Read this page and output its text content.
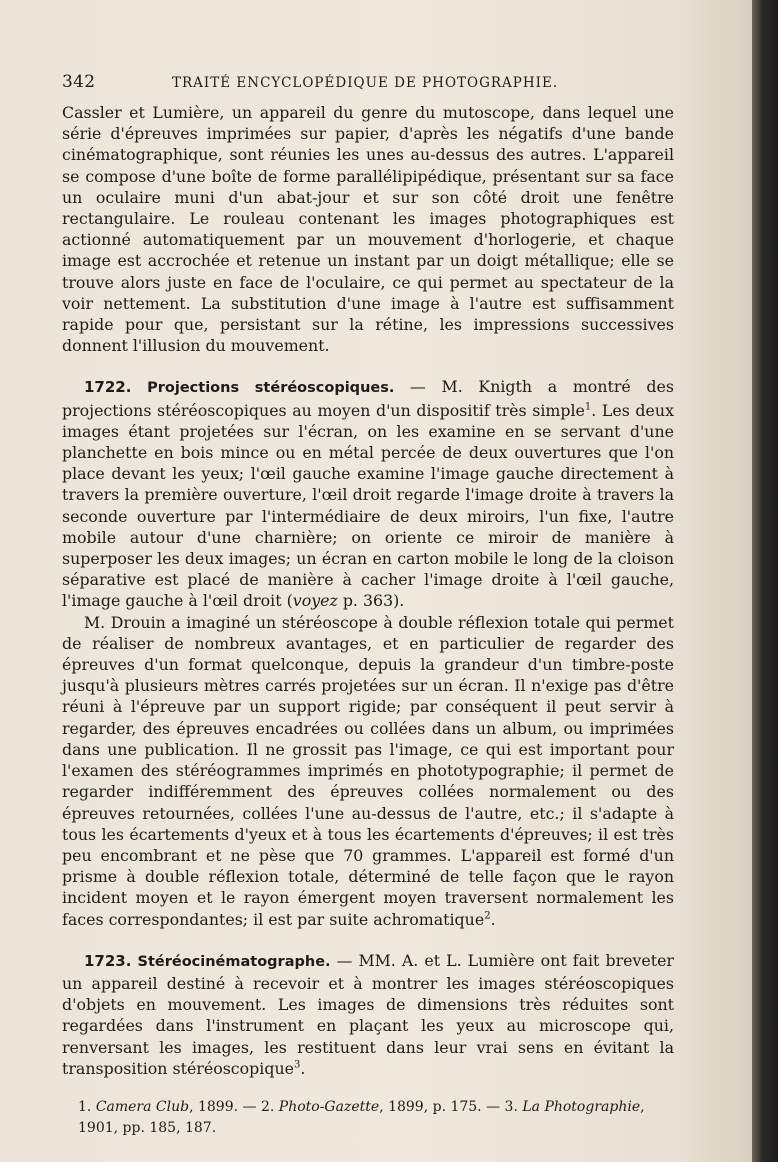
342	TRAITÉ ENCYCLOPÉDIQUE DE PHOTOGRAPHIE.

Cassler et Lumière, un appareil du genre du mutoscope, dans lequel une série d'épreuves imprimées sur papier, d'après les négatifs d'une bande cinématographique, sont réunies les unes au-dessus des autres. L'appareil se compose d'une boîte de forme parallélipipédique, présentant sur sa face un oculaire muni d'un abat-jour et sur son côté droit une fenêtre rectangulaire. Le rouleau contenant les images photographiques est actionné automatiquement par un mouvement d'horlogerie, et chaque image est accrochée et retenue un instant par un doigt métallique; elle se trouve alors juste en face de l'oculaire, ce qui permet au spectateur de la voir nettement. La substitution d'une image à l'autre est suffisamment rapide pour que, persistant sur la rétine, les impressions successives donnent l'illusion du mouvement.

1722. Projections stéréoscopiques. — M. Knigth a montré des projections stéréoscopiques au moyen d'un dispositif très simple$^1$. Les deux images étant projetées sur l'écran, on les examine en se servant d'une planchette en bois mince ou en métal percée de deux ouvertures que l'on place devant les yeux; l'œil gauche examine l'image gauche directement à travers la première ouverture, l'œil droit regarde l'image droite à travers la seconde ouverture par l'intermédiaire de deux miroirs, l'un fixe, l'autre mobile autour d'une charnière; on oriente ce miroir de manière à superposer les deux images; un écran en carton mobile le long de la cloison séparative est placé de manière à cacher l'image droite à l'œil gauche, l'image gauche à l'œil droit (voyez p. 363).

M. Drouin a imaginé un stéréoscope à double réflexion totale qui permet de réaliser de nombreux avantages, et en particulier de regarder des épreuves d'un format quelconque, depuis la grandeur d'un timbre-poste jusqu'à plusieurs mètres carrés projetées sur un écran. Il n'exige pas d'être réuni à l'épreuve par un support rigide; par conséquent il peut servir à regarder, des épreuves encadrées ou collées dans un album, ou imprimées dans une publication. Il ne grossit pas l'image, ce qui est important pour l'examen des stéréogrammes imprimés en phototypographie; il permet de regarder indifféremment des épreuves collées normalement ou des épreuves retournées, collées l'une au-dessus de l'autre, etc.; il s'adapte à tous les écartements d'yeux et à tous les écartements d'épreuves; il est très peu encombrant et ne pèse que 70 grammes. L'appareil est formé d'un prisme à double réflexion totale, déterminé de telle façon que le rayon incident moyen et le rayon émergent moyen traversent normalement les faces correspondantes; il est par suite achromatique$^2$.

1723. Stéréocinématographe. — MM. A. et L. Lumière ont fait breveter un appareil destiné à recevoir et à montrer les images stéréoscopiques d'objets en mouvement. Les images de dimensions très réduites sont regardées dans l'instrument en plaçant les yeux au microscope qui, renversant les images, les restituent dans leur vrai sens en évitant la transposition stéréoscopique$^3$.

1. Camera Club, 1899. — 2. Photo-Gazette, 1899, p. 175. — 3. La Photographie, 1901, pp. 185, 187.
